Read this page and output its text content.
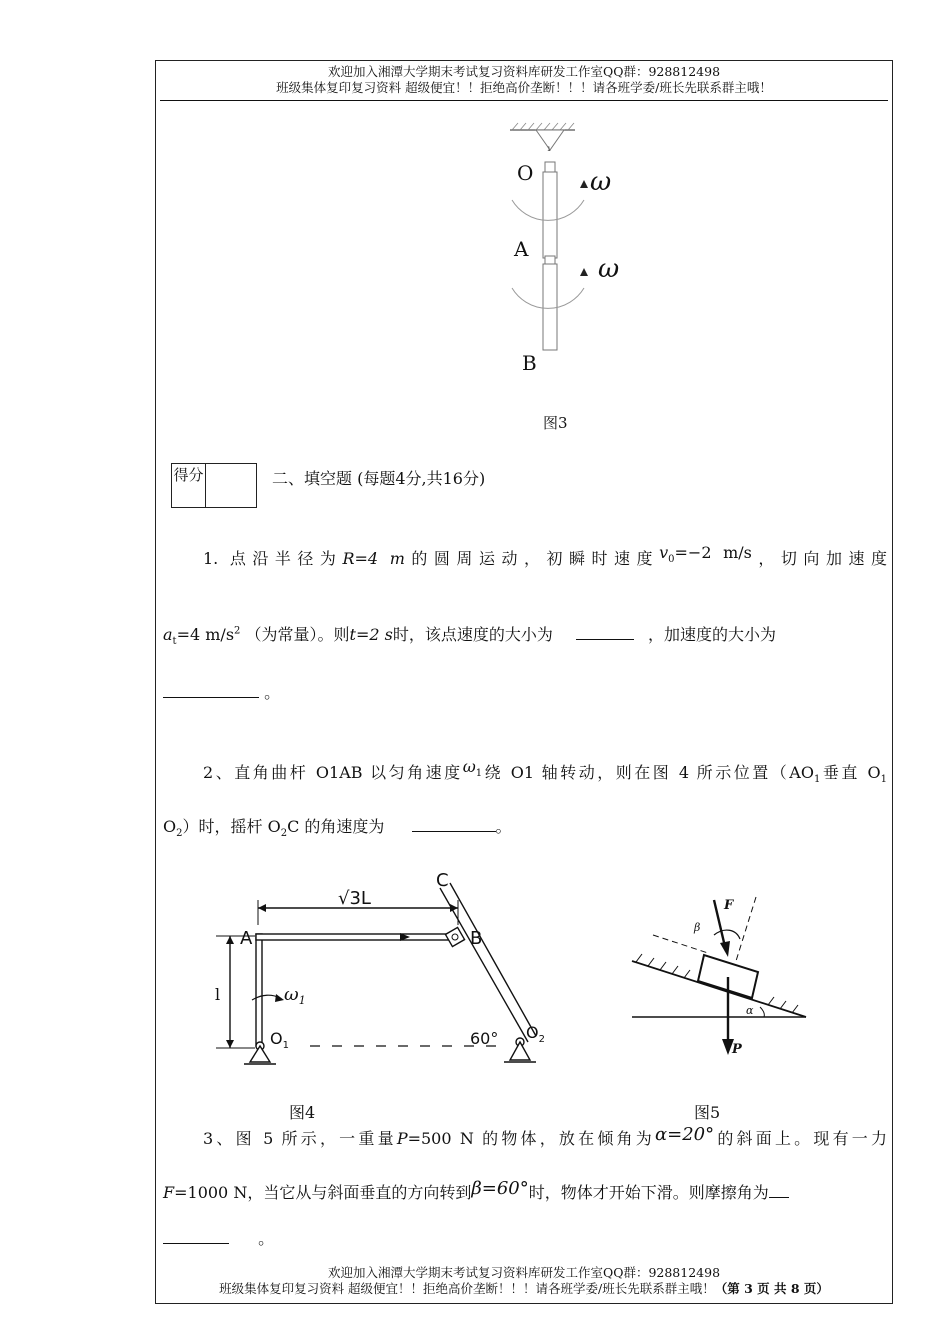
欢迎加入湘潭大学期末考试复习资料库研发工作室QQ群：928812498
班级集体复印复习资料 超级便宜！！拒绝高价垄断！！！请各班学委/班长先联系群主哦！
1
O
A
B
ω
ω
图3
得分	二、填空题 (每题4分,共16分)
1. 点沿半径为R=4 m的圆周运动，初瞬时速度$v_0=-2$ m/s，切向加速度
$a_t=4$ $m/s^2$ （为常量）。则t=2 s时，该点速度的大小为	，加速度的大小为
。
2、直角曲杆 O1AB 以匀角速度$\omega_1$绕 O1 轴转动，则在图 4 所示位置（$AO_1$垂直 $O_1$
$O_2$）时，摇杆 $O_2C$ 的角速度为	。
√3L
l
A	B
C
$\omega_1$
$O_1$
$O_2$
60°
图4
F
β
P
α
图5
3、图 5 所示，一重量P=500 N 的物体，放在倾角为α=20°的斜面上。现有一力
F=1000 N，当它从与斜面垂直的方向转到β=60°时，物体才开始下滑。则摩擦角为
。
欢迎加入湘潭大学期末考试复习资料库研发工作室QQ群：928812498
班级集体复印复习资料 超级便宜！！拒绝高价垄断！！！请各班学委/班长先联系群主哦！（第 3 页 共 8 页）
